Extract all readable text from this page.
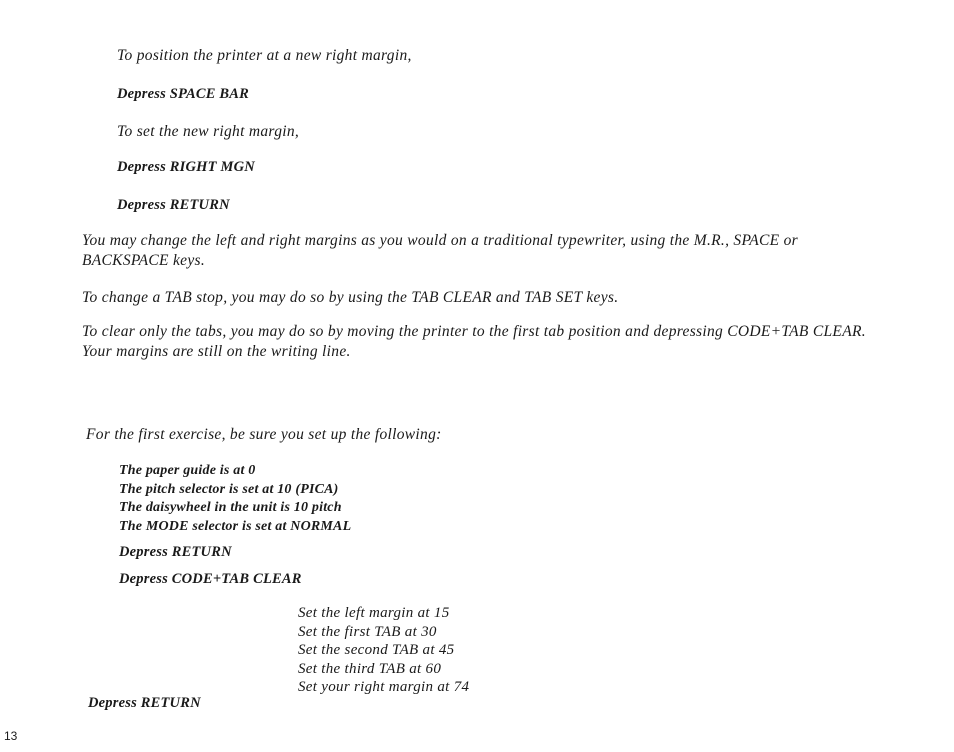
To position the printer at a new right margin,
Depress SPACE BAR
To set the new right margin,
Depress RIGHT MGN
Depress RETURN

You may change the left and right margins as you would on a traditional typewriter, using the M.R., SPACE or BACKSPACE keys.

To change a TAB stop, you may do so by using the TAB CLEAR and TAB SET keys.

To clear only the tabs, you may do so by moving the printer to the first tab position and depressing CODE+TAB CLEAR. Your margins are still on the writing line.

For the first exercise, be sure you set up the following:
The paper guide is at 0
The pitch selector is set at 10 (PICA)
The daisywheel in the unit is 10 pitch
The MODE selector is set at NORMAL
Depress RETURN
Depress CODE+TAB CLEAR
Set the left margin at 15
Set the first TAB at 30
Set the second TAB at 45
Set the third TAB at 60
Set your right margin at 74
Depress RETURN
13
